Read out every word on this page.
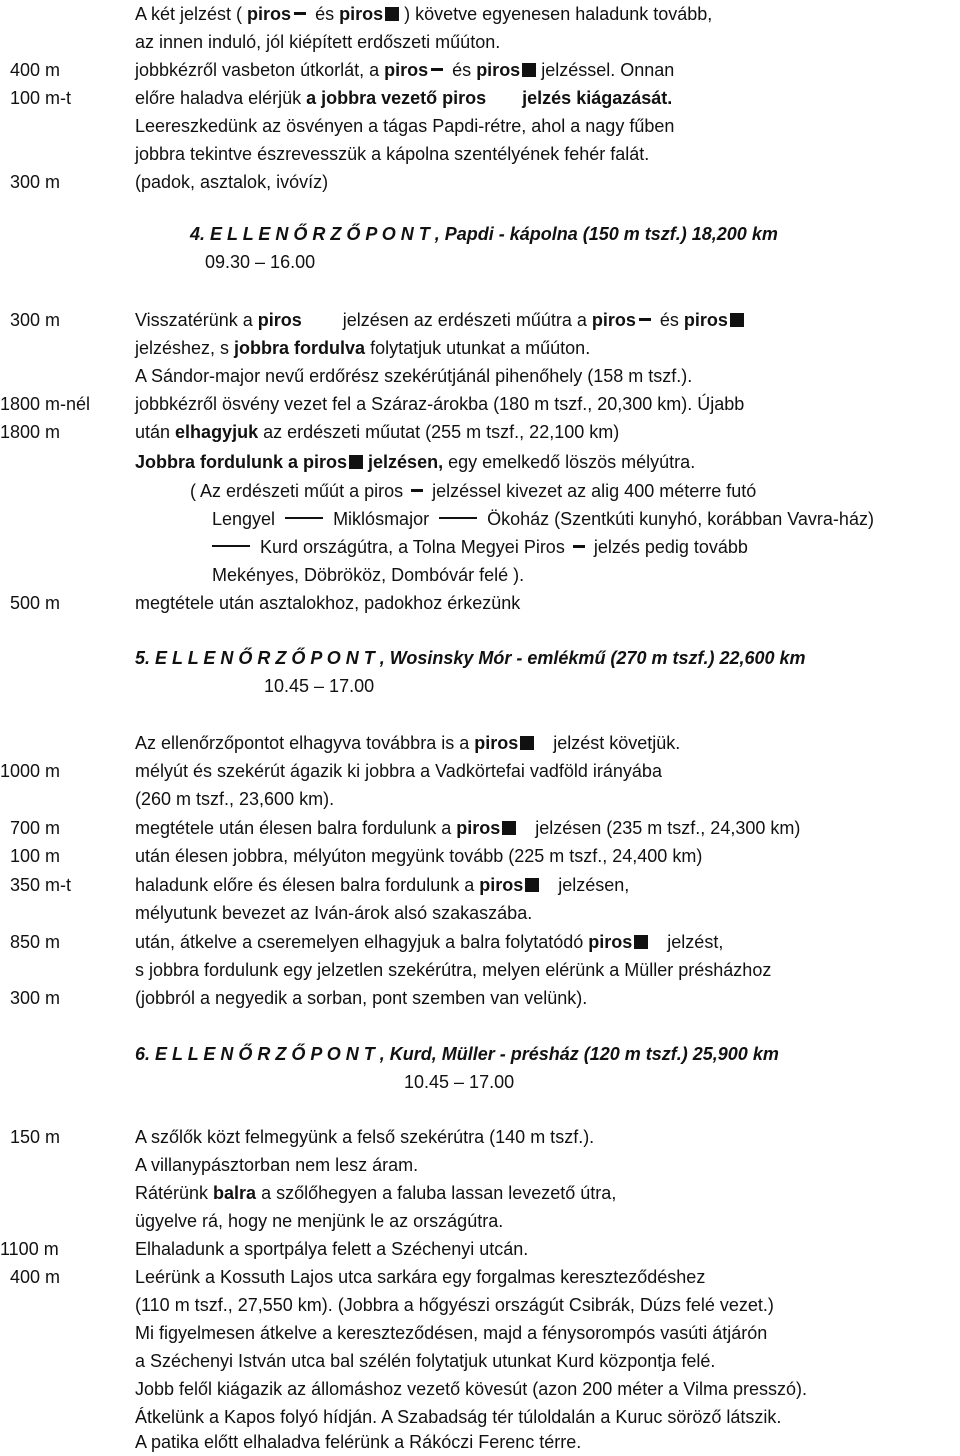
A két jelzést ( piros és piros ) követve egyenesen haladunk tovább,
az innen induló, jól kiépített erdőszeti műúton.
400 m	jobbkézről vasbeton útkorlát, a piros és piros jelzéssel. Onnan
100 m-t	előre haladva elérjük a jobbra vezető piros jelzés kiágazását.
Leereszkedünk az ösvényen a tágas Papdi-rétre, ahol a nagy fűben
jobbra tekintve észrevesszük a kápolna szentélyének fehér falát.
300 m	(padok, asztalok, ivóvíz)
4. E L L E N Ő R Z Ő P O N T , Papdi - kápolna (150 m tszf.) 18,200 km
09.30 – 16.00
300 m	Visszatérünk a piros jelzésen az erdészeti műútra a piros és piros
jelzéshez, s jobbra fordulva folytatjuk utunkat a műúton.
A Sándor-major nevű erdőrész szekérútjánál pihenőhely (158 m tszf.).
1800 m-nél jobbkézről ösvény vezet fel a Száraz-árokba (180 m tszf., 20,300 km). Újabb
1800 m	után elhagyjuk az erdészeti műutat (255 m tszf., 22,100 km)
Jobbra fordulunk a piros jelzésen, egy emelkedő löszös mélyútra.
( Az erdészeti műút a piros  jelzéssel kivezet az alig 400 méterre futó
Lengyel	Miklósmajor	Ökoház (Szentkúti kunyhó, korábban Vavra-ház)
Kurd országútra, a Tolna Megyei Piros  jelzés pedig tovább
Mekényes, Döbrököz, Dombóvár felé ).
500 m	megtétele után asztalokhoz, padokhoz érkezünk
5. E L L E N Ő R Z Ő P O N T , Wosinsky Mór - emlékmű (270 m tszf.) 22,600 km
10.45 – 17.00
Az ellenőrzőpontot elhagyva továbbra is a piros jelzést követjük.
1000 m	mélyút és szekérút ágazik ki jobbra a Vadkörtefai vadföld irányába
(260 m tszf., 23,600 km).
700 m	megtétele után élesen balra fordulunk a piros jelzésen (235 m tszf., 24,300 km)
100 m	után élesen jobbra, mélyúton megyünk tovább (225 m tszf., 24,400 km)
350 m-t	haladunk előre és élesen balra fordulunk a piros jelzésen,
mélyutunk bevezet az Iván-árok alsó szakaszába.
850 m	után, átkelve a cseremelyen elhagyjuk a balra folytatódó piros jelzést,
s jobbra fordulunk egy jelzetlen szekérútra, melyen elérünk a Müller présházhoz
300 m	(jobbról a negyedik a sorban, pont szemben van velünk).
6. E L L E N Ő R Z Ő P O N T , Kurd, Müller - présház (120 m tszf.) 25,900 km
10.45 – 17.00
150 m	A szőlők közt felmegyünk a felső szekérútra (140 m tszf.).
A villanypásztorban nem lesz áram.
Rátérünk balra a szőlőhegyen a faluba lassan levezető útra,
ügyelve rá, hogy ne menjünk le az országútra.
1100 m	Elhaladunk a sportpálya felett a Széchenyi utcán.
400 m	Leérünk a Kossuth Lajos utca sarkára egy forgalmas kereszteződéshez
(110 m tszf., 27,550 km). (Jobbra a hőgyészi országút Csibrák, Dúzs felé vezet.)
Mi figyelmesen átkelve a kereszteződésen, majd a fénysorompós vasúti átjárón
a Széchenyi István utca bal szélén folytatjuk utunkat Kurd központja felé.
Jobb felől kiágazik az állomáshoz vezető kövesút (azon 200 méter a Vilma presszó).
Átkelünk a Kapos folyó hídján. A Szabadság tér túloldalán a Kuruc söröző látszik.
A patika előtt elhaladva felérünk a Rákóczi Ferenc térre.
